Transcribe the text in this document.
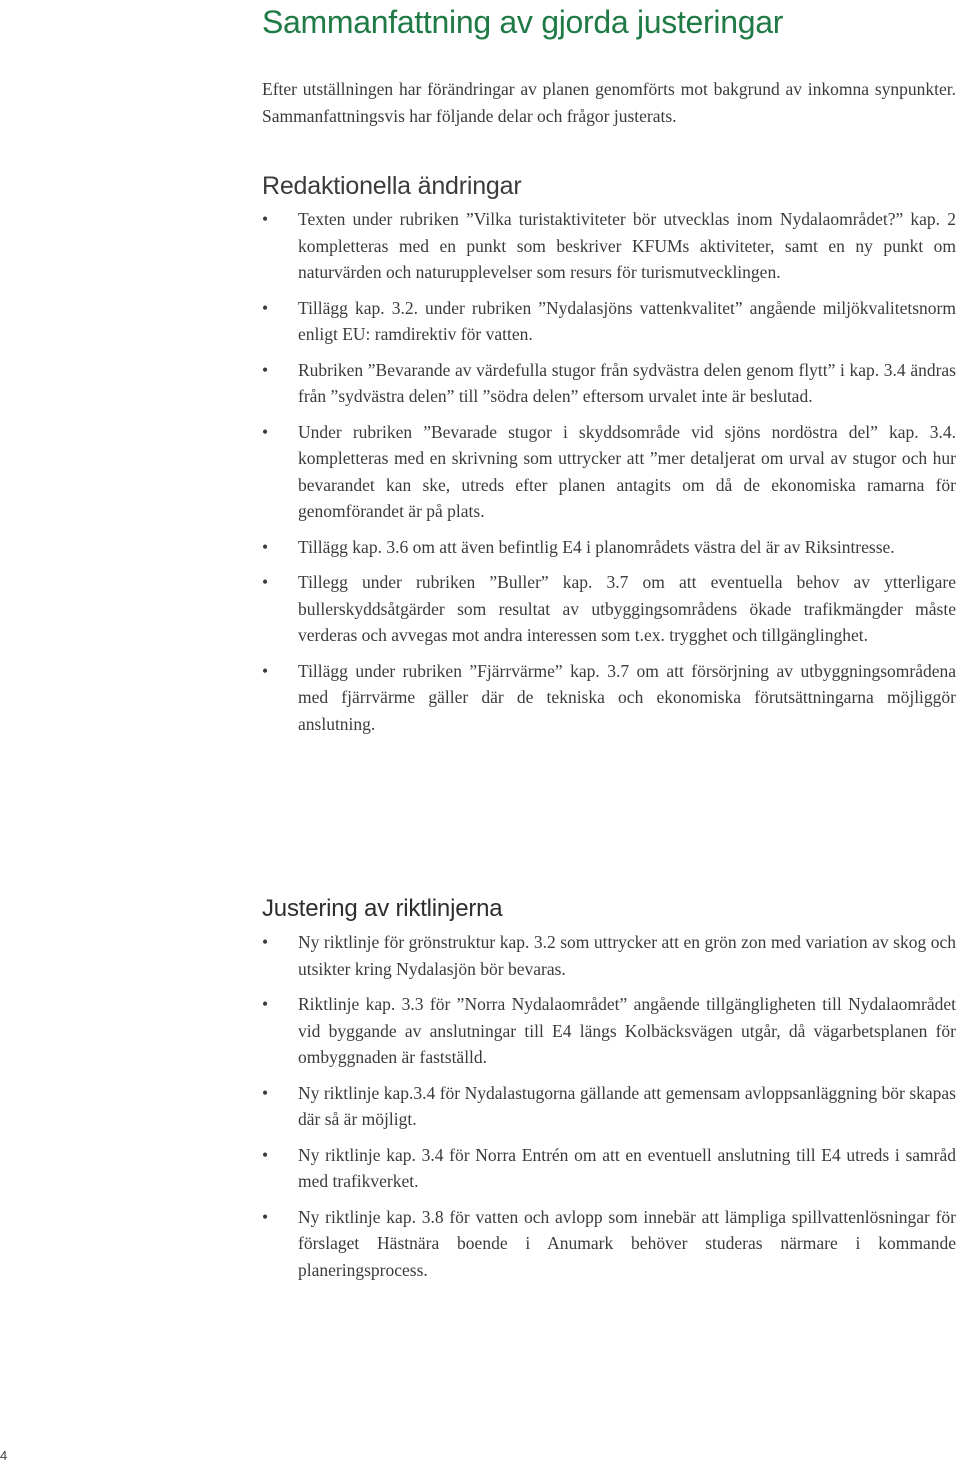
Sammanfattning av gjorda justeringar

Efter utställningen har förändringar av planen genomförts mot bakgrund av inkomna synpunkter. Sammanfattningsvis har följande delar och frågor justerats.

Redaktionella ändringar
•	Texten under rubriken ”Vilka turistaktiviteter bör utvecklas inom Nydalaområdet?” kap. 2 kompletteras med en punkt som beskriver KFUMs aktiviteter, samt en ny punkt om naturvärden och naturupplevelser som resurs för turismutvecklingen.
•	Tillägg kap. 3.2. under rubriken ”Nydalasjöns vattenkvalitet” angående miljökvalitetsnorm enligt EU: ramdirektiv för vatten.
•	Rubriken ”Bevarande av värdefulla stugor från sydvästra delen genom flytt” i kap. 3.4 ändras från ”sydvästra delen” till ”södra delen” eftersom urvalet inte är beslutad.
•	Under rubriken ”Bevarade stugor i skyddsområde vid sjöns nordöstra del” kap. 3.4. kompletteras med en skrivning som uttrycker att ”mer detaljerat om urval av stugor och hur bevarandet kan ske, utreds efter planen antagits om då de ekonomiska ramarna för genomförandet är på plats.
•	Tillägg kap. 3.6 om att även befintlig E4 i planområdets västra del är av Riksintresse.
•	Tillegg under rubriken ”Buller” kap. 3.7 om att eventuella behov av ytterligare bullerskyddsåtgärder som resultat av utbyggingsområdens ökade trafikmängder måste verderas och avvegas mot andra interessen som t.ex. trygghet och tillgänglinghet.
•	Tillägg under rubriken ”Fjärrvärme” kap. 3.7 om att försörjning av utbyggningsområdena med fjärrvärme gäller där de tekniska och ekonomiska förutsättningarna möjliggör anslutning.
Justering av riktlinjerna
•	Ny riktlinje för grönstruktur kap. 3.2 som uttrycker att en grön zon med variation av skog och utsikter kring Nydalasjön bör bevaras.
•	Riktlinje kap. 3.3 för ”Norra Nydalaområdet” angående tillgängligheten till Nydalaområdet vid byggande av anslutningar till E4 längs Kolbäcksvägen utgår, då vägarbetsplanen för ombyggnaden är fastställd.
•	Ny riktlinje kap.3.4 för Nydalastugorna gällande att gemensam avloppsanläggning bör skapas där så är möjligt.
•	Ny riktlinje kap. 3.4 för Norra Entrén om att en eventuell anslutning till E4 utreds i samråd med trafikverket.
•	Ny riktlinje kap. 3.8 för vatten och avlopp som innebär att lämpliga spillvattenlösningar för förslaget Hästnära boende i Anumark behöver studeras närmare i kommande planeringsprocess.
4
